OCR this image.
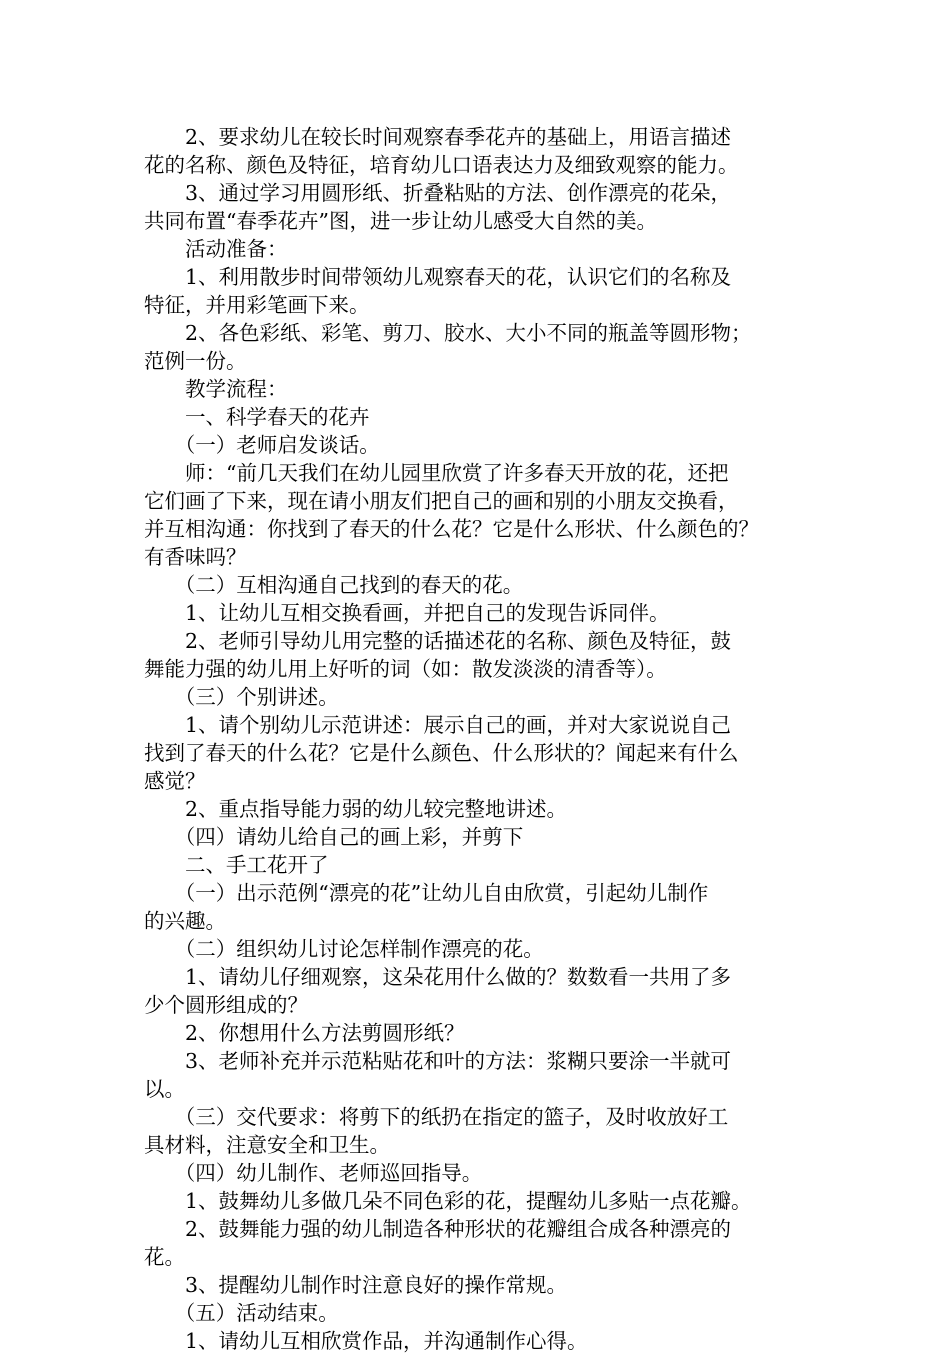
　　2、要求幼儿在较长时间观察春季花卉的基础上，用语言描述

花的名称、颜色及特征，培育幼儿口语表达力及细致观察的能力。

　　3、通过学习用圆形纸、折叠粘贴的方法、创作漂亮的花朵，

共同布置“春季花卉”图，进一步让幼儿感受大自然的美。

　　活动准备：

　　1、利用散步时间带领幼儿观察春天的花，认识它们的名称及

特征，并用彩笔画下来。

　　2、各色彩纸、彩笔、剪刀、胶水、大小不同的瓶盖等圆形物；

范例一份。

　　教学流程：

　　一、科学春天的花卉

　　（一）老师启发谈话。

　　师：“前几天我们在幼儿园里欣赏了许多春天开放的花，还把

它们画了下来，现在请小朋友们把自己的画和别的小朋友交换看，

并互相沟通：你找到了春天的什么花？它是什么形状、什么颜色的？

有香味吗？

　　（二）互相沟通自己找到的春天的花。

　　1、让幼儿互相交换看画，并把自己的发现告诉同伴。

　　2、老师引导幼儿用完整的话描述花的名称、颜色及特征，鼓

舞能力强的幼儿用上好听的词（如：散发淡淡的清香等）。

　　（三）个别讲述。

　　1、请个别幼儿示范讲述：展示自己的画，并对大家说说自己

找到了春天的什么花？它是什么颜色、什么形状的？闻起来有什么

感觉？

　　2、重点指导能力弱的幼儿较完整地讲述。

　　（四）请幼儿给自己的画上彩，并剪下

　　二、手工花开了

　　（一）出示范例“漂亮的花”让幼儿自由欣赏，引起幼儿制作

的兴趣。

　　（二）组织幼儿讨论怎样制作漂亮的花。

　　1、请幼儿仔细观察，这朵花用什么做的？数数看一共用了多

少个圆形组成的？

　　2、你想用什么方法剪圆形纸？

　　3、老师补充并示范粘贴花和叶的方法：浆糊只要涂一半就可

以。

　　（三）交代要求：将剪下的纸扔在指定的篮子，及时收放好工

具材料，注意安全和卫生。

　　（四）幼儿制作、老师巡回指导。

　　1、鼓舞幼儿多做几朵不同色彩的花，提醒幼儿多贴一点花瓣。

　　2、鼓舞能力强的幼儿制造各种形状的花瓣组合成各种漂亮的

花。

　　3、提醒幼儿制作时注意良好的操作常规。

　　（五）活动结束。

　　1、请幼儿互相欣赏作品，并沟通制作心得。
